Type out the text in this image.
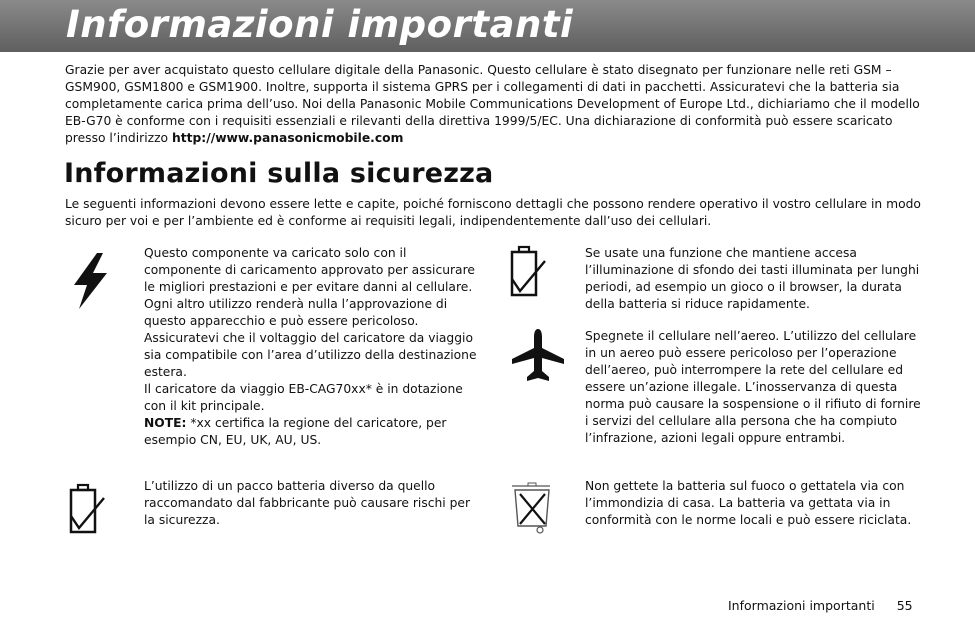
Informazioni importanti

Grazie per aver acquistato questo cellulare digitale della Panasonic. Questo cellulare è stato disegnato per funzionare nelle reti GSM – GSM900, GSM1800 e GSM1900. Inoltre, supporta il sistema GPRS per i collegamenti di dati in pacchetti. Assicuratevi che la batteria sia completamente carica prima dell’uso. Noi della Panasonic Mobile Communications Development of Europe Ltd., dichiariamo che il modello EB-G70 è conforme con i requisiti essenziali e rilevanti della direttiva 1999/5/EC. Una dichiarazione di conformità può essere scaricato presso l’indirizzo http://www.panasonicmobile.com

Informazioni sulla sicurezza

Le seguenti informazioni devono essere lette e capite, poiché forniscono dettagli che possono rendere operativo il vostro cellulare in modo sicuro per voi e per l’ambiente ed è conforme ai requisiti legali, indipendentemente dall’uso dei cellulari.

Questo componente va caricato solo con il componente di caricamento approvato per assicurare le migliori prestazioni e per evitare danni al cellulare. Ogni altro utilizzo renderà nulla l’approvazione di questo apparecchio e può essere pericoloso. Assicuratevi che il voltaggio del caricatore da viaggio sia compatibile con l’area d’utilizzo della destinazione estera.
Il caricatore da viaggio EB-CAG70xx* è in dotazione con il kit principale.
NOTE: *xx certifica la regione del caricatore, per esempio CN, EU, UK, AU, US.
Se usate una funzione che mantiene accesa l’illuminazione di sfondo dei tasti illuminata per lunghi periodi, ad esempio un gioco o il browser, la durata della batteria si riduce rapidamente.
Spegnete il cellulare nell’aereo. L’utilizzo del cellulare in un aereo può essere pericoloso per l’operazione dell’aereo, può interrompere la rete del cellulare ed essere un’azione illegale. L’inosservanza di questa norma può causare la sospensione o il rifiuto di fornire i servizi del cellulare alla persona che ha compiuto l’infrazione, azioni legali oppure entrambi.
L’utilizzo di un pacco batteria diverso da quello raccomandato dal fabbricante può causare rischi per la sicurezza.
Non gettete la batteria sul fuoco o gettatela via con l’immondizia di casa. La batteria va gettata via in conformità con le norme locali e può essere riciclata.
Informazioni importanti 55
